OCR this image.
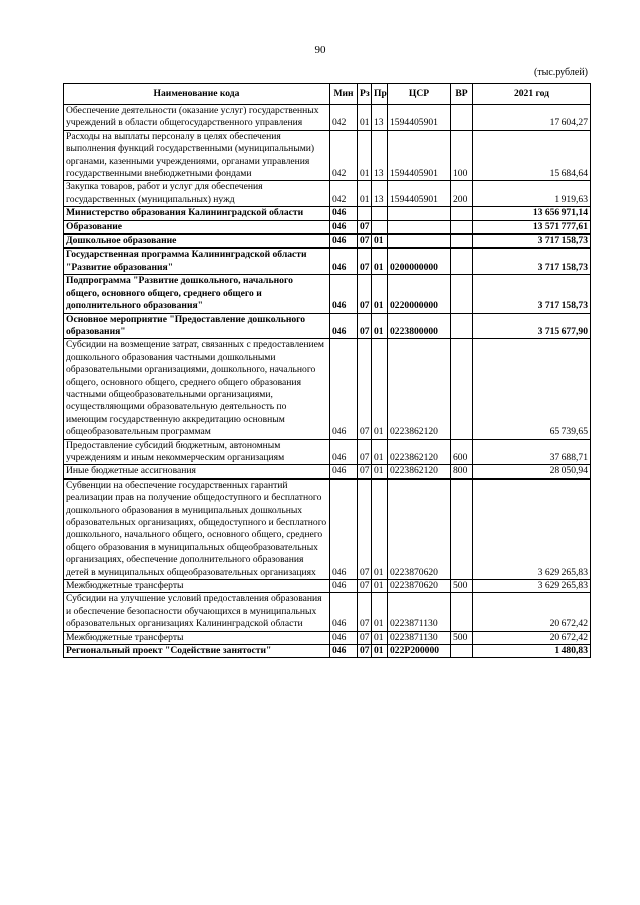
90
(тыс.рублей)
Наименование кода	Мин	Рз	Пр	ЦСР	ВР	2021 год
Обеспечение деятельности (оказание услуг) государственных учреждений в области общегосударственного управления	042	01	13	1594405901		17 604,27
Расходы на выплаты персоналу в целях обеспечения выполнения функций государственными (муниципальными) органами, казенными учреждениями, органами управления государственными внебюджетными фондами	042	01	13	1594405901	100	15 684,64
Закупка товаров, работ и услуг для обеспечения государственных (муниципальных) нужд	042	01	13	1594405901	200	1 919,63
Министерство образования Калининградской области	046					13 656 971,14
Образование	046	07				13 571 777,61
Дошкольное образование	046	07	01			3 717 158,73
Государственная программа Калининградской области "Развитие образования"	046	07	01	0200000000		3 717 158,73
Подпрограмма "Развитие дошкольного, начального общего, основного общего, среднего общего и дополнительного образования"	046	07	01	0220000000		3 717 158,73
Основное мероприятие "Предоставление дошкольного образования"	046	07	01	0223800000		3 715 677,90
Субсидии на возмещение затрат, связанных с предоставлением дошкольного образования частными дошкольными образовательными организациями, дошкольного, начального общего, основного общего, среднего общего образования частными общеобразовательными организациями, осуществляющими образовательную деятельность по имеющим государственную аккредитацию основным общеобразовательным программам	046	07	01	0223862120		65 739,65
Предоставление субсидий бюджетным, автономным учреждениям и иным некоммерческим организациям	046	07	01	0223862120	600	37 688,71
Иные бюджетные ассигнования	046	07	01	0223862120	800	28 050,94
Субвенции на обеспечение государственных гарантий реализации прав на получение общедоступного и бесплатного дошкольного образования в муниципальных дошкольных образовательных организациях, общедоступного и бесплатного дошкольного, начального общего, основного общего, среднего общего образования в муниципальных общеобразовательных организациях, обеспечение дополнительного образования детей в муниципальных общеобразовательных организациях	046	07	01	0223870620		3 629 265,83
Межбюджетные трансферты	046	07	01	0223870620	500	3 629 265,83
Субсидии на улучшение условий предоставления образования и обеспечение безопасности обучающихся в муниципальных образовательных организациях Калининградской области	046	07	01	0223871130		20 672,42
Межбюджетные трансферты	046	07	01	0223871130	500	20 672,42
Региональный проект "Содействие занятости"	046	07	01	022P200000		1 480,83
